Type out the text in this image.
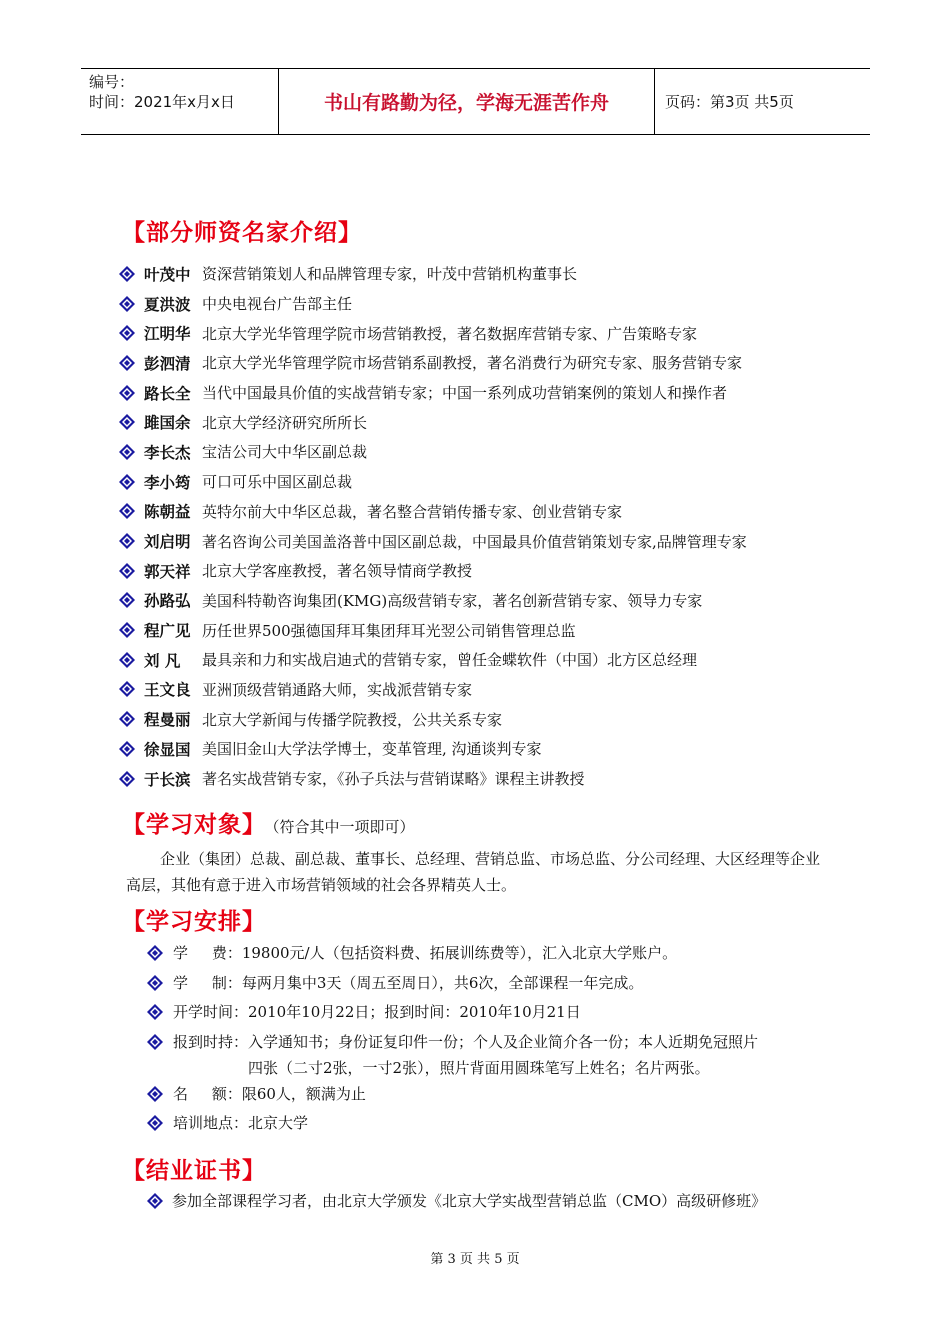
编号：
时间：2021年x月x日	书山有路勤为径，学海无涯苦作舟	页码：第3页 共5页
【部分师资名家介绍】
叶茂中 资深营销策划人和品牌管理专家，叶茂中营销机构董事长
夏洪波 中央电视台广告部主任
江明华 北京大学光华管理学院市场营销教授，著名数据库营销专家、广告策略专家
彭泗清 北京大学光华管理学院市场营销系副教授，著名消费行为研究专家、服务营销专家
路长全 当代中国最具价值的实战营销专家；中国一系列成功营销案例的策划人和操作者
雎国余 北京大学经济研究所所长
李长杰 宝洁公司大中华区副总裁
李小筠 可口可乐中国区副总裁
陈朝益 英特尔前大中华区总裁，著名整合营销传播专家、创业营销专家
刘启明 著名咨询公司美国盖洛普中国区副总裁，中国最具价值营销策划专家,品牌管理专家
郭天祥 北京大学客座教授，著名领导情商学教授
孙路弘 美国科特勒咨询集团(KMG)高级营销专家，著名创新营销专家、领导力专家
程广见 历任世界500强德国拜耳集团拜耳光翌公司销售管理总监
刘 凡	最具亲和力和实战启迪式的营销专家，曾任金蝶软件（中国）北方区总经理
王文良 亚洲顶级营销通路大师，实战派营销专家
程曼丽 北京大学新闻与传播学院教授，公共关系专家
徐显国 美国旧金山大学法学博士，变革管理, 沟通谈判专家
于长滨 著名实战营销专家，《孙子兵法与营销谋略》课程主讲教授
【学习对象】 （符合其中一项即可）
企业（集团）总裁、副总裁、董事长、总经理、营销总监、市场总监、分公司经理、大区经理等企业高层，其他有意于进入市场营销领域的社会各界精英人士。
【学习安排】
学     费： 19800元/人（包括资料费、拓展训练费等），汇入北京大学账户。
学     制： 每两月集中3天（周五至周日），共6次，全部课程一年完成。
开学时间： 2010年10月22日；报到时间：2010年10月21日
报到时持： 入学通知书；身份证复印件一份；个人及企业简介各一份；本人近期免冠照片
四张（二寸2张，一寸2张），照片背面用圆珠笔写上姓名；名片两张。
名     额： 限60人，额满为止
培训地点： 北京大学
【结业证书】
参加全部课程学习者，由北京大学颁发《北京大学实战型营销总监（CMO）高级研修班》
第 3 页 共 5 页
